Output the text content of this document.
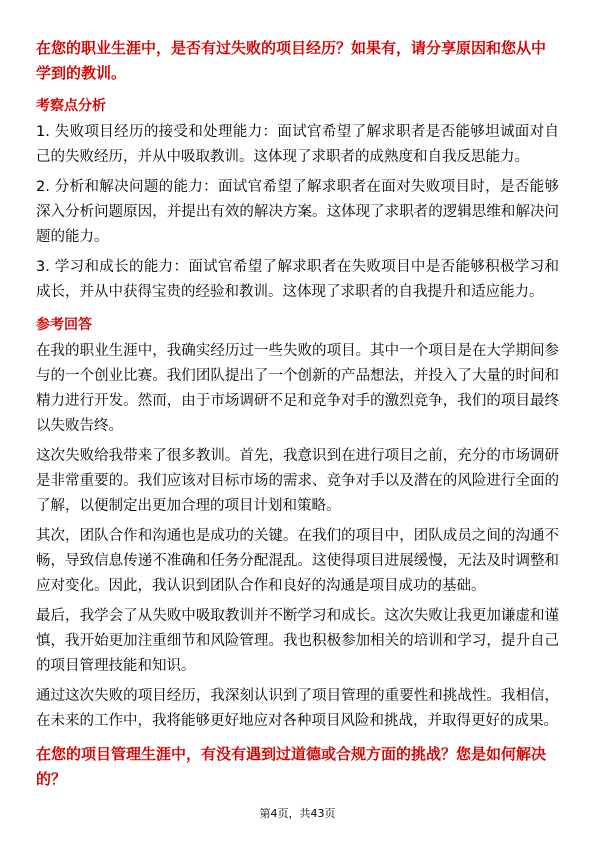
在您的职业生涯中，是否有过失败的项目经历？如果有，请分享原因和您从中学到的教训。

考察点分析

1. 失败项目经历的接受和处理能力：面试官希望了解求职者是否能够坦诚面对自己的失败经历，并从中吸取教训。这体现了求职者的成熟度和自我反思能力。

2. 分析和解决问题的能力：面试官希望了解求职者在面对失败项目时，是否能够深入分析问题原因，并提出有效的解决方案。这体现了求职者的逻辑思维和解决问题的能力。

3. 学习和成长的能力：面试官希望了解求职者在失败项目中是否能够积极学习和成长，并从中获得宝贵的经验和教训。这体现了求职者的自我提升和适应能力。

参考回答

在我的职业生涯中，我确实经历过一些失败的项目。其中一个项目是在大学期间参与的一个创业比赛。我们团队提出了一个创新的产品想法，并投入了大量的时间和精力进行开发。然而，由于市场调研不足和竞争对手的激烈竞争，我们的项目最终以失败告终。

这次失败给我带来了很多教训。首先，我意识到在进行项目之前，充分的市场调研是非常重要的。我们应该对目标市场的需求、竞争对手以及潜在的风险进行全面的了解，以便制定出更加合理的项目计划和策略。

其次，团队合作和沟通也是成功的关键。在我们的项目中，团队成员之间的沟通不畅，导致信息传递不准确和任务分配混乱。这使得项目进展缓慢，无法及时调整和应对变化。因此，我认识到团队合作和良好的沟通是项目成功的基础。

最后，我学会了从失败中吸取教训并不断学习和成长。这次失败让我更加谦虚和谨慎，我开始更加注重细节和风险管理。我也积极参加相关的培训和学习，提升自己的项目管理技能和知识。

通过这次失败的项目经历，我深刻认识到了项目管理的重要性和挑战性。我相信，在未来的工作中，我将能够更好地应对各种项目风险和挑战，并取得更好的成果。

在您的项目管理生涯中，有没有遇到过道德或合规方面的挑战？您是如何解决的？

第4页，共43页
